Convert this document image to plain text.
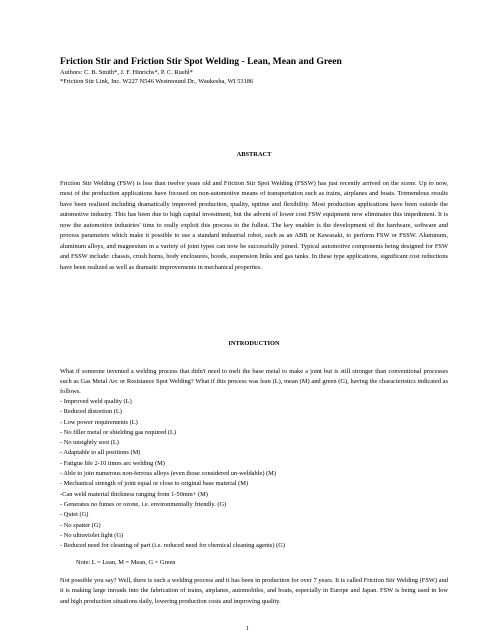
Friction Stir and Friction Stir Spot Welding - Lean, Mean and Green
Authors: C. B. Smith*, J. F. Hinrichs*, P. C. Ruehl*
*Friction Stir Link, Inc. W227 N546 Westmound Dr., Waukesha, WI 53186
ABSTRACT

Friction Stir Welding (FSW) is less than twelve years old and Friction Stir Spot Welding (FSSW) has just recently arrived on the scene. Up to now, most of the production applications have focused on non-automotive means of transportation such as trains, airplanes and boats. Tremendous results have been realized including dramatically improved production, quality, uptime and flexibility. Most production applications have been outside the automotive industry. This has been due to high capital investment, but the advent of lower cost FSW equipment now eliminates this impediment. It is now the automotive industries' time to really exploit this process to the fullest. The key enabler is the development of the hardware, software and process parameters which make it possible to use a standard industrial robot, such as an ABB or Kawasaki, to perform FSW or FSSW. Aluminum, aluminum alloys, and magnesium in a variety of joint types can now be successfully joined. Typical automotive components being designed for FSW and FSSW include: chassis, crush horns, body enclosures, hoods, suspension links and gas tanks. In these type applications, significant cost reductions have been realized as well as dramatic improvements in mechanical properties.

INTRODUCTION

What if someone invented a welding process that didn't need to melt the base metal to make a joint but is still stronger than conventional processes such as Gas Metal Arc or Resistance Spot Welding? What if this process was lean (L), mean (M) and green (G), having the characteristics indicated as follows.

- Improved weld quality (L)
- Reduced distortion (L)
- Low power requirements (L)
- No filler metal or shielding gas required (L)
- No unsightly soot (L)
- Adaptable to all positions (M)
- Fatigue life 2-10 times arc welding (M)
- Able to join numerous non-ferrous alloys (even those considered un-weldable) (M)
- Mechanical strength of joint equal or close to original base material (M)
-Can weld material thickness ranging from 1-50mm+ (M)
- Generates no fumes or ozone, i.e. environmentally friendly. (G)
- Quiet (G)
- No spatter (G)
- No ultraviolet light (G)
- Reduced need for cleaning of part (i.e. reduced need for chemical cleaning agents) (G)
Note: L = Lean, M = Mean, G = Green

Not possible you say? Well, there is such a welding process and it has been in production for over 7 years. It is called Friction Stir Welding (FSW) and it is making large inroads into the fabrication of trains, airplanes, automobiles, and boats, especially in Europe and Japan. FSW is being used in low and high production situations daily, lowering production costs and improving quality.

1
